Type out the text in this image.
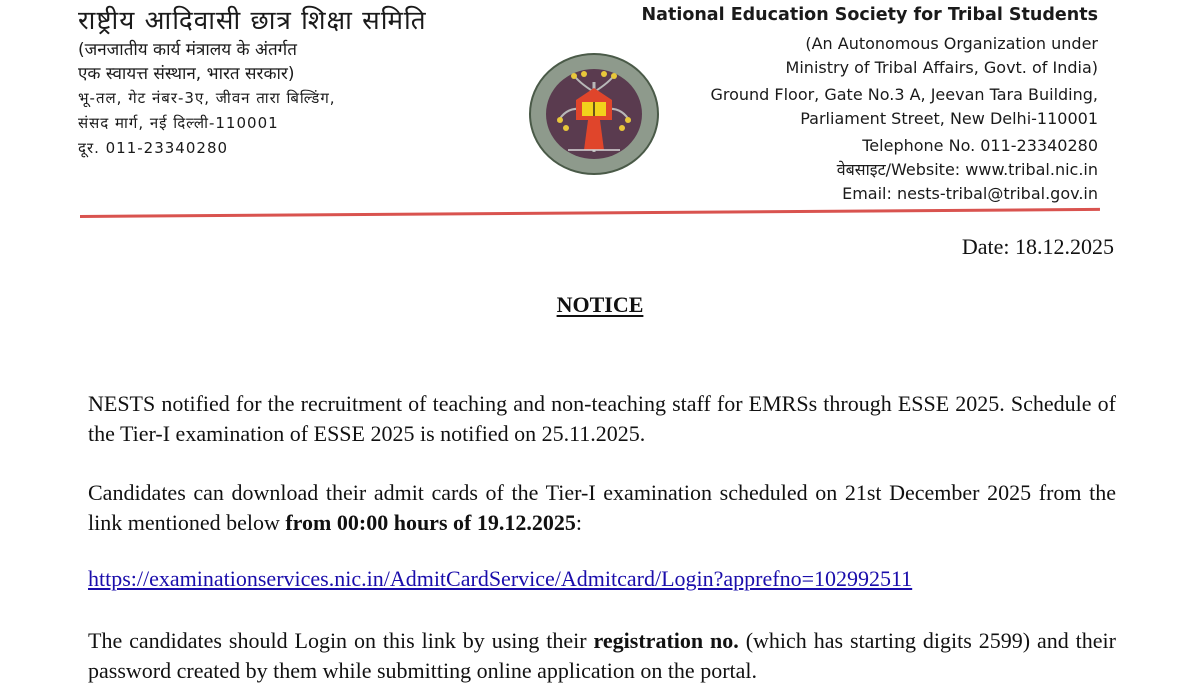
राष्ट्रीय आदिवासी छात्र शिक्षा समिति
(जनजातीय कार्य मंत्रालय के अंतर्गत
एक स्वायत्त संस्थान, भारत सरकार)
भू-तल, गेट नंबर-3ए, जीवन तारा बिल्डिंग,
संसद मार्ग, नई दिल्ली-110001
दूर. 011-23340280
National Education Society for Tribal Students
(An Autonomous Organization under
Ministry of Tribal Affairs, Govt. of India)
Ground Floor, Gate No.3 A, Jeevan Tara Building,
Parliament Street, New Delhi-110001
Telephone No. 011-23340280
वेबसाइट/Website: www.tribal.nic.in
Email: nests-tribal@tribal.gov.in
Date: 18.12.2025
NOTICE
NESTS notified for the recruitment of teaching and non-teaching staff for EMRSs through ESSE 2025. Schedule of the Tier-I examination of ESSE 2025 is notified on 25.11.2025.
Candidates can download their admit cards of the Tier-I examination scheduled on 21st December 2025 from the link mentioned below from 00:00 hours of 19.12.2025:
https://examinationservices.nic.in/AdmitCardService/Admitcard/Login?apprefno=102992511
The candidates should Login on this link by using their registration no. (which has starting digits 2599) and their password created by them while submitting online application on the portal.
